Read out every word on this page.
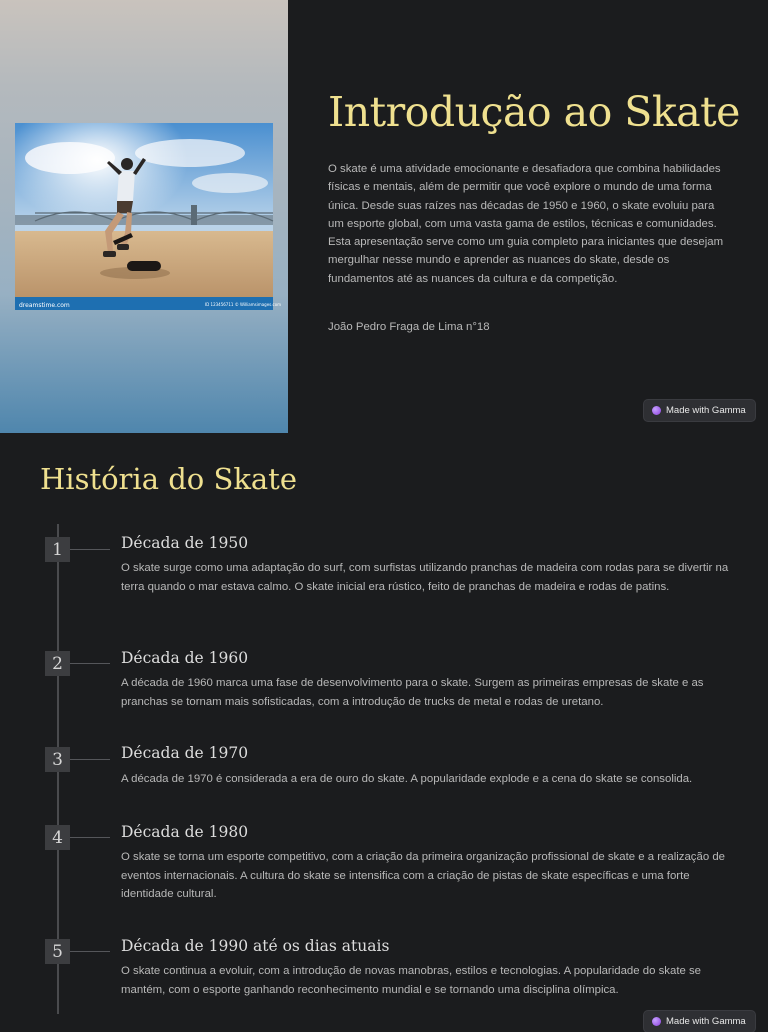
dreamstime.com	ID 123456711 © Williamsimages.com
Introdução ao Skate

O skate é uma atividade emocionante e desafiadora que combina habilidades físicas e mentais, além de permitir que você explore o mundo de uma forma única. Desde suas raízes nas décadas de 1950 e 1960, o skate evoluiu para um esporte global, com uma vasta gama de estilos, técnicas e comunidades. Esta apresentação serve como um guia completo para iniciantes que desejam mergulhar nesse mundo e aprender as nuances do skate, desde os fundamentos até as nuances da cultura e da competição.

João Pedro Fraga de Lima n°18

Made with Gamma
História do Skate
1	Década de 1950

O skate surge como uma adaptação do surf, com surfistas utilizando pranchas de madeira com rodas para se divertir na terra quando o mar estava calmo. O skate inicial era rústico, feito de pranchas de madeira e rodas de patins.

2	Década de 1960

A década de 1960 marca uma fase de desenvolvimento para o skate. Surgem as primeiras empresas de skate e as pranchas se tornam mais sofisticadas, com a introdução de trucks de metal e rodas de uretano.

3	Década de 1970

A década de 1970 é considerada a era de ouro do skate. A popularidade explode e a cena do skate se consolida.

4	Década de 1980

O skate se torna um esporte competitivo, com a criação da primeira organização profissional de skate e a realização de eventos internacionais. A cultura do skate se intensifica com a criação de pistas de skate específicas e uma forte identidade cultural.

5	Década de 1990 até os dias atuais

O skate continua a evoluir, com a introdução de novas manobras, estilos e tecnologias. A popularidade do skate se mantém, com o esporte ganhando reconhecimento mundial e se tornando uma disciplina olímpica.

Made with Gamma
